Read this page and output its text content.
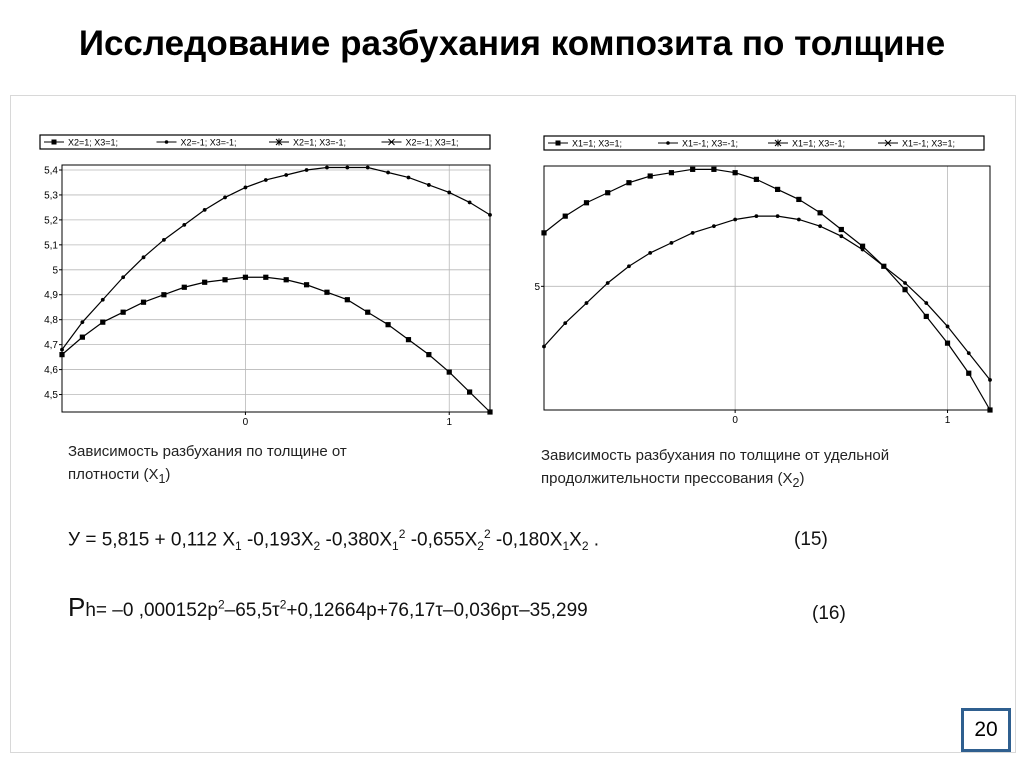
Исследование разбухания композита по толщине
X2=1; X3=1;	X2=-1; X3=-1;	X2=1; X3=-1;	X2=-1; X3=1;
4,5
4,6
4,7
4,8
4,9
5
5,1
5,2
5,3
5,4
0	1
X1=1; X3=1;	X1=-1; X3=-1;	X1=1; X3=-1;	X1=-1; X3=1;
5
0	1
Зависимость разбухания по толщине от
плотности $(Х_1)$
Зависимость разбухания по толщине от удельной
продолжительности прессования $(Х_2)$
У = 5,815 + 0,112 $Х_1$ $-0,193Х_2$ $-0,380Х_1^2$ $-0,655Х_2^2$ $-0,180Х_1Х_2$ .	(15)
Рh= –0 $,000152р^2-65,5\tau^2+0,12664р+76,17\tau-0,036р\tau-35,299$	(16)
20
